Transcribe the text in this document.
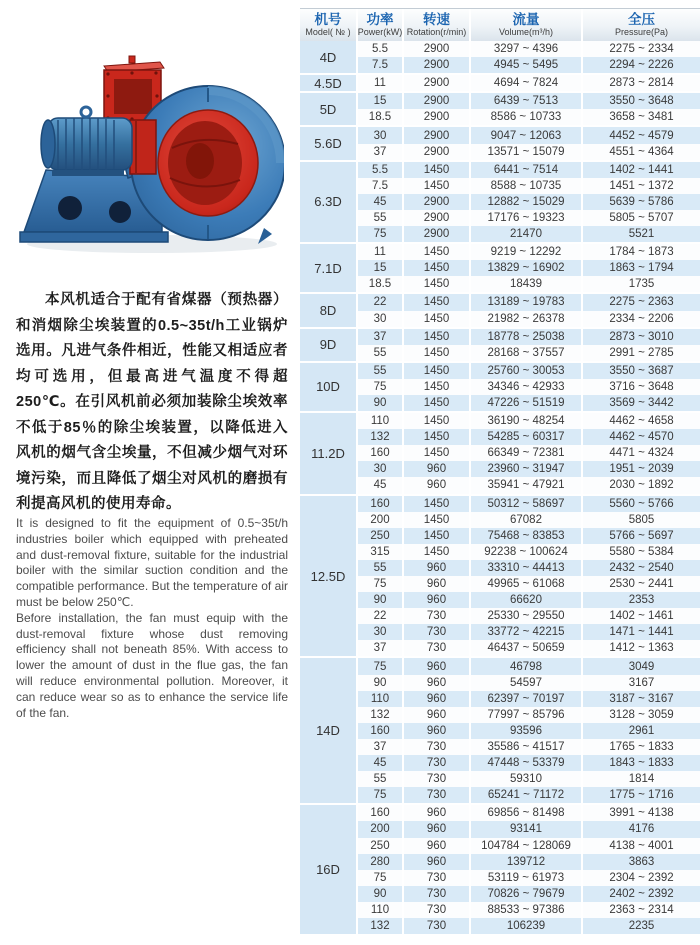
本风机适合于配有省煤器（预热器）和消烟除尘埃装置的0.5~35t/h工业锅炉选用。凡进气条件相近，性能又相适应者均可选用，但最高进气温度不得超250℃。在引风机前必须加装除尘埃效率不低于85％的除尘埃装置，以降低进入风机的烟气含尘埃量，不但减少烟气对环境污染，而且降低了烟尘对风机的磨损有利提高风机的使用寿命。

It is designed to fit the equipment of 0.5~35t/h industries boiler which equipped with preheated and dust-removal fixture, suitable for the industrial boiler with the similar suction condition and the compatible performance. But the temperature of air must be below 250℃.

Before installation, the fan must equip with the dust-removal fixture whose dust removing efficiency shall not beneath 85%. With access to lower the amount of dust in the flue gas, the fan will reduce environmental pollution. Moreover, it can reduce wear so as to enhance the service life of the fan.

机号
Model( № )
功率
Power(kW)
转速
Rotation(r/min)
流量
Volume(m³/h)
全压
Pressure(Pa)
4D
5.5	2900	3297 ~ 4396	2275 ~ 2334
7.5	2900	4945 ~ 5495	2294 ~ 2226
4.5D	11	2900	4694 ~ 7824	2873 ~ 2814
5D
15	2900	6439 ~ 7513	3550 ~ 3648
18.5	2900	8586 ~ 10733	3658 ~ 3481
5.6D
30	2900	9047 ~ 12063	4452 ~ 4579
37	2900	13571 ~ 15079	4551 ~ 4364
6.3D
5.5	1450	6441 ~ 7514	1402 ~ 1441
7.5	1450	8588 ~ 10735	1451 ~ 1372
45	2900	12882 ~ 15029	5639 ~ 5786
55	2900	17176 ~ 19323	5805 ~ 5707
75	2900	21470	5521
7.1D
11	1450	9219 ~ 12292	1784 ~ 1873
15	1450	13829 ~ 16902	1863 ~ 1794
18.5	1450	18439	1735
8D
22	1450	13189 ~ 19783	2275 ~ 2363
30	1450	21982 ~ 26378	2334 ~ 2206
9D
37	1450	18778 ~ 25038	2873 ~ 3010
55	1450	28168 ~ 37557	2991 ~ 2785
10D
55	1450	25760 ~ 30053	3550 ~ 3687
75	1450	34346 ~ 42933	3716 ~ 3648
90	1450	47226 ~ 51519	3569 ~ 3442
11.2D
110	1450	36190 ~ 48254	4462 ~ 4658
132	1450	54285 ~ 60317	4462 ~ 4570
160	1450	66349 ~ 72381	4471 ~ 4324
30	960	23960 ~ 31947	1951 ~ 2039
45	960	35941 ~ 47921	2030 ~ 1892
12.5D
160	1450	50312 ~ 58697	5560 ~ 5766
200	1450	67082	5805
250	1450	75468 ~ 83853	5766 ~ 5697
315	1450	92238 ~ 100624	5580 ~ 5384
55	960	33310 ~ 44413	2432 ~ 2540
75	960	49965 ~ 61068	2530 ~ 2441
90	960	66620	2353
22	730	25330 ~ 29550	1402 ~ 1461
30	730	33772 ~ 42215	1471 ~ 1441
37	730	46437 ~ 50659	1412 ~ 1363
14D
75	960	46798	3049
90	960	54597	3167
110	960	62397 ~ 70197	3187 ~ 3167
132	960	77997 ~ 85796	3128 ~ 3059
160	960	93596	2961
37	730	35586 ~ 41517	1765 ~ 1833
45	730	47448 ~ 53379	1843 ~ 1833
55	730	59310	1814
75	730	65241 ~ 71172	1775 ~ 1716
16D
160	960	69856 ~ 81498	3991 ~ 4138
200	960	93141	4176
250	960	104784 ~ 128069	4138 ~ 4001
280	960	139712	3863
75	730	53119 ~ 61973	2304 ~ 2392
90	730	70826 ~ 79679	2402 ~ 2392
110	730	88533 ~ 97386	2363 ~ 2314
132	730	106239	2235
